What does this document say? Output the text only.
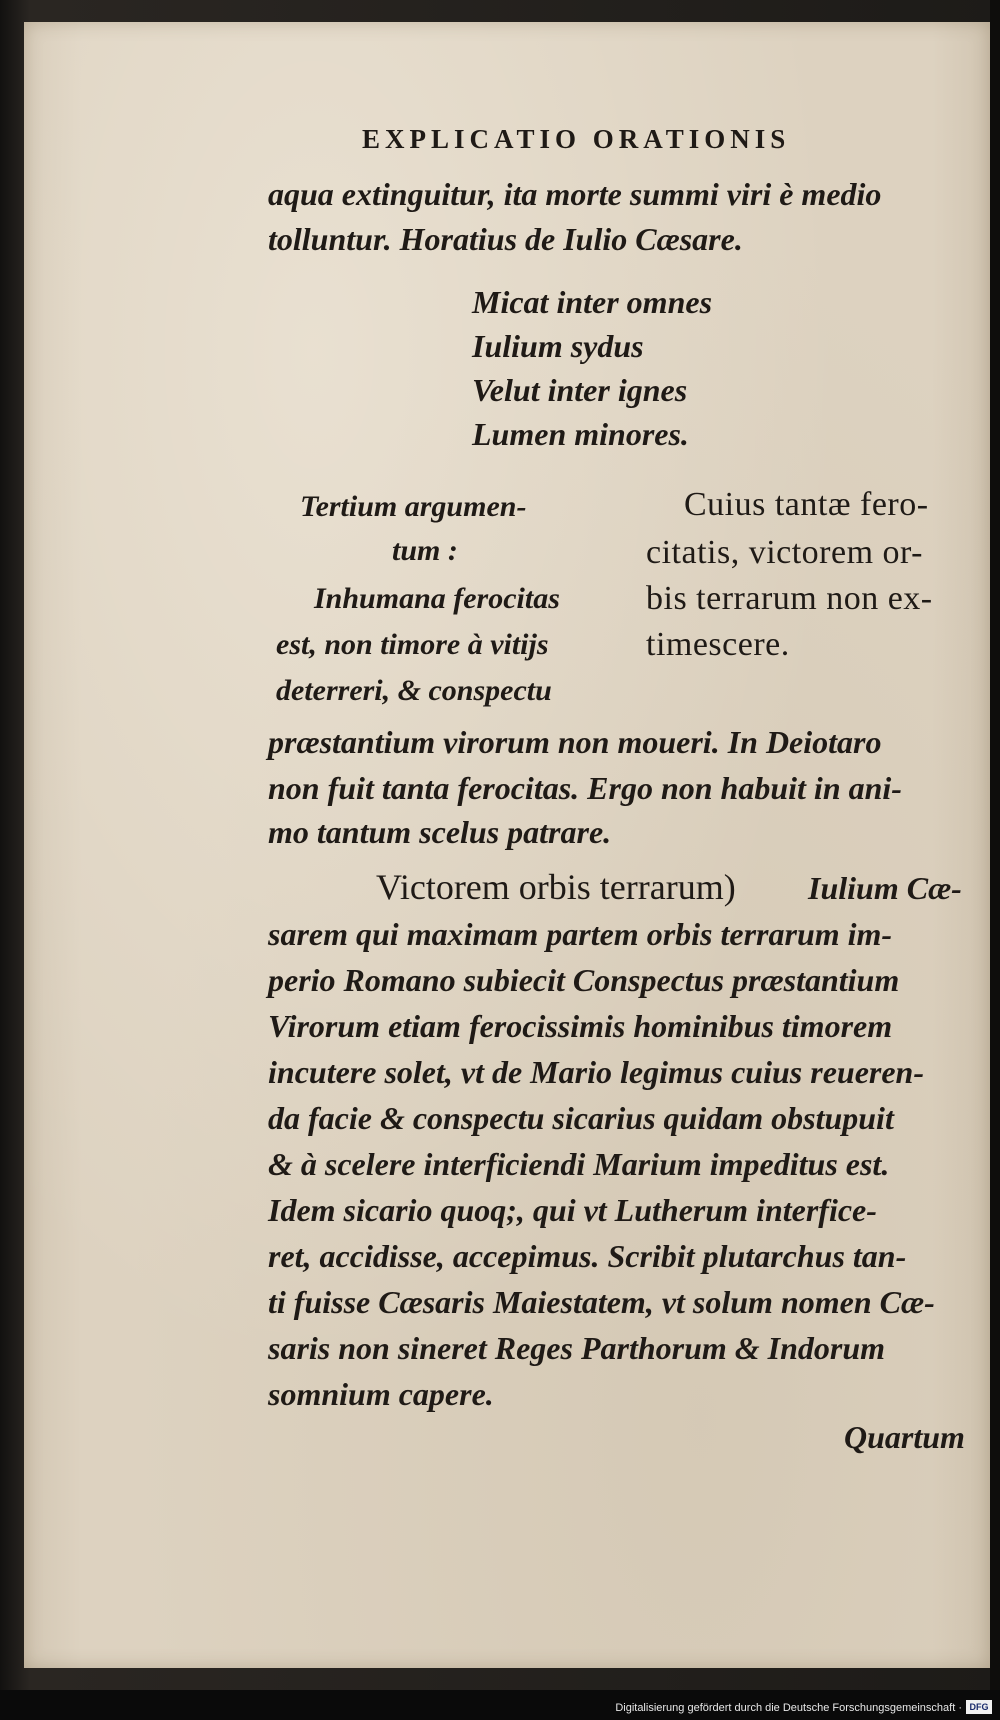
EXPLICATIO ORATIONIS
aqua extinguitur, ita morte summi viri è medio
tolluntur. Horatius de Iulio Cæsare.
Micat inter omnes
Iulium sydus
Velut inter ignes
Lumen minores.
Tertium argumen-
tum :
Inhumana ferocitas
est, non timore à vitijs
deterreri, & conspectu
Cuius tantæ fero-
citatis, victorem or-
bis terrarum non ex-
timescere.
præstantium virorum non moueri. In Deiotaro
non fuit tanta ferocitas. Ergo non habuit in ani-
mo tantum scelus patrare.
Victorem orbis terrarum) Iulium Cæ-
sarem qui maximam partem orbis terrarum im-
perio Romano subiecit Conspectus præstantium
Virorum etiam ferocissimis hominibus timorem
incutere solet, vt de Mario legimus cuius reueren-
da facie & conspectu sicarius quidam obstupuit
& à scelere interficiendi Marium impeditus est.
Idem sicario quoq;, qui vt Lutherum interfice-
ret, accidisse, accepimus. Scribit plutarchus tan-
ti fuisse Cæsaris Maiestatem, vt solum nomen Cæ-
saris non sineret Reges Parthorum & Indorum
somnium capere.
Quartum
Digitalisierung gefördert durch die Deutsche Forschungsgemeinschaft · DFG
